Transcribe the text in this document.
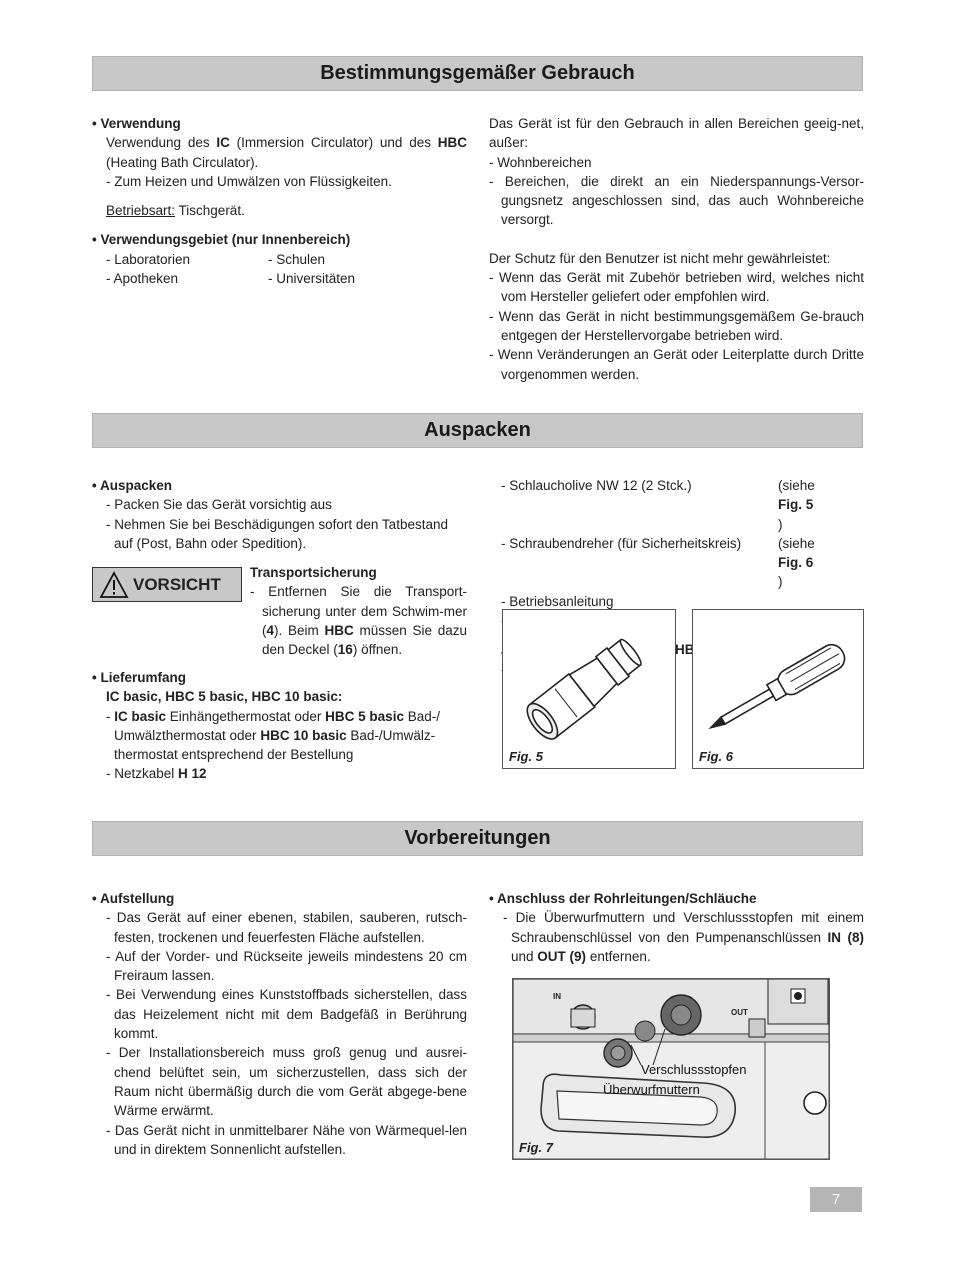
Bestimmungsgemäßer Gebrauch

• Verwendung

Verwendung des IC (Immersion Circulator) und des HBC (Heating Bath Circulator).

- Zum Heizen und Umwälzen von Flüssigkeiten.

Betriebsart: Tischgerät.

• Verwendungsgebiet (nur Innenbereich)

- Laboratorien	- Schulen
- Apotheken	- Universitäten

Das Gerät ist für den Gebrauch in allen Bereichen geeig-net, außer:

- Wohnbereichen

- Bereichen, die direkt an ein Niederspannungs-Versor-gungsnetz angeschlossen sind, das auch Wohnbereiche versorgt.

Der Schutz für den Benutzer ist nicht mehr gewährleistet:

- Wenn das Gerät mit Zubehör betrieben wird, welches nicht vom Hersteller geliefert oder empfohlen wird.

- Wenn das Gerät in nicht bestimmungsgemäßem Ge-brauch entgegen der Herstellervorgabe betrieben wird.

- Wenn Veränderungen an Gerät oder Leiterplatte durch Dritte vorgenommen werden.

Auspacken

• Auspacken

- Packen Sie das Gerät vorsichtig aus

- Nehmen Sie bei Beschädigungen sofort den Tatbestand auf (Post, Bahn oder Spedition).

VORSICHT

Transportsicherung

- Entfernen Sie die Transport-sicherung unter dem Schwim-mer (4). Beim HBC müssen Sie dazu den Deckel (16) öffnen.

• Lieferumfang

IC basic, HBC 5 basic, HBC 10 basic:

- IC basic Einhängethermostat oder HBC 5 basic Bad-/ Umwälzthermostat oder HBC 10 basic Bad-/Umwälz-thermostat entsprechend der Bestellung

- Netzkabel H 12

- Schlaucholive NW 12 (2 Stck.)	(siehe
Fig. 5
)
- Schraubendreher (für Sicherheitskreis)	(siehe
Fig. 6
)

- Betriebsanleitung

Fig. 5	Fig. 6
Vorbereitungen

• Aufstellung

- Das Gerät auf einer ebenen, stabilen, sauberen, rutsch-festen, trockenen und feuerfesten Fläche aufstellen.

- Auf der Vorder- und Rückseite jeweils mindestens 20 cm Freiraum lassen.

- Bei Verwendung eines Kunststoffbads sicherstellen, dass das Heizelement nicht mit dem Badgefäß in Berührung kommt.

- Der Installationsbereich muss groß genug und ausrei-chend belüftet sein, um sicherzustellen, dass sich der Raum nicht übermäßig durch die vom Gerät abgege-bene Wärme erwärmt.

- Das Gerät nicht in unmittelbarer Nähe von Wärmequel-len und in direktem Sonnenlicht aufstellen.

• Anschluss der Rohrleitungen/Schläuche

- Die Überwurfmuttern und Verschlussstopfen mit einem Schraubenschlüssel von den Pumpenanschlüssen IN (8) und OUT (9) entfernen.

IN
OUT
Verschlussstopfen
Überwurfmuttern
Fig. 7
7
